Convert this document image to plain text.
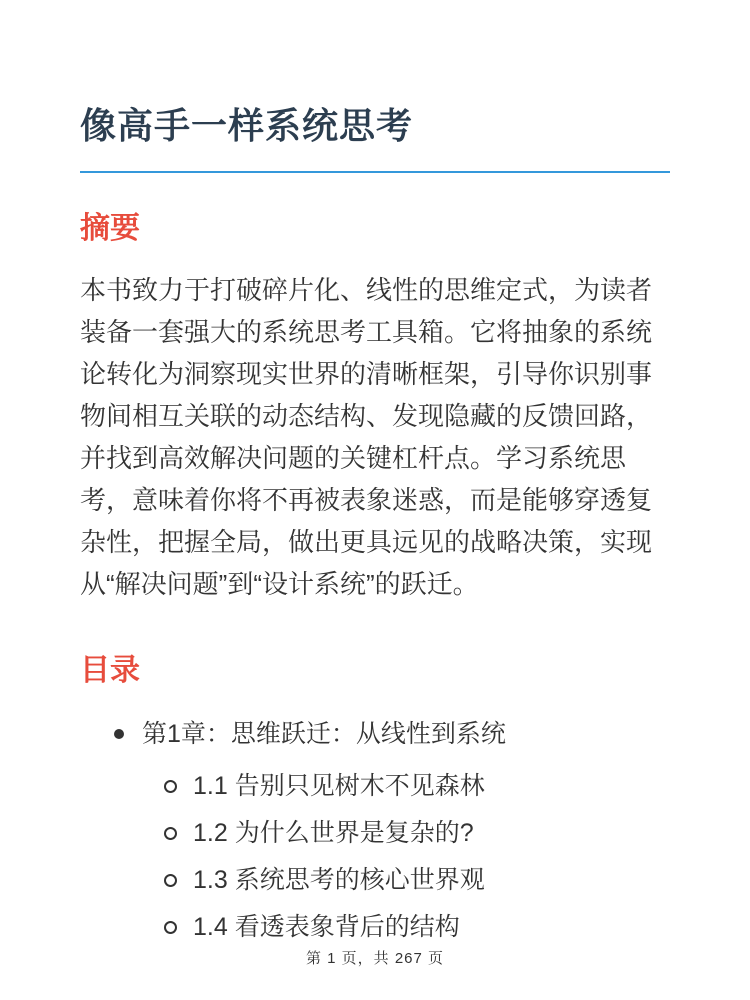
像高手一样系统思考
摘要

本书致力于打破碎片化、线性的思维定式，为读者装备一套强大的系统思考工具箱。它将抽象的系统论转化为洞察现实世界的清晰框架，引导你识别事物间相互关联的动态结构、发现隐藏的反馈回路，并找到高效解决问题的关键杠杆点。学习系统思考，意味着你将不再被表象迷惑，而是能够穿透复杂性，把握全局，做出更具远见的战略决策，实现从“解决问题”到“设计系统”的跃迁。

目录
第1章：思维跃迁：从线性到系统
1.1 告别只见树木不见森林
1.2 为什么世界是复杂的?
1.3 系统思考的核心世界观
1.4 看透表象背后的结构
第 1 页，共 267 页
